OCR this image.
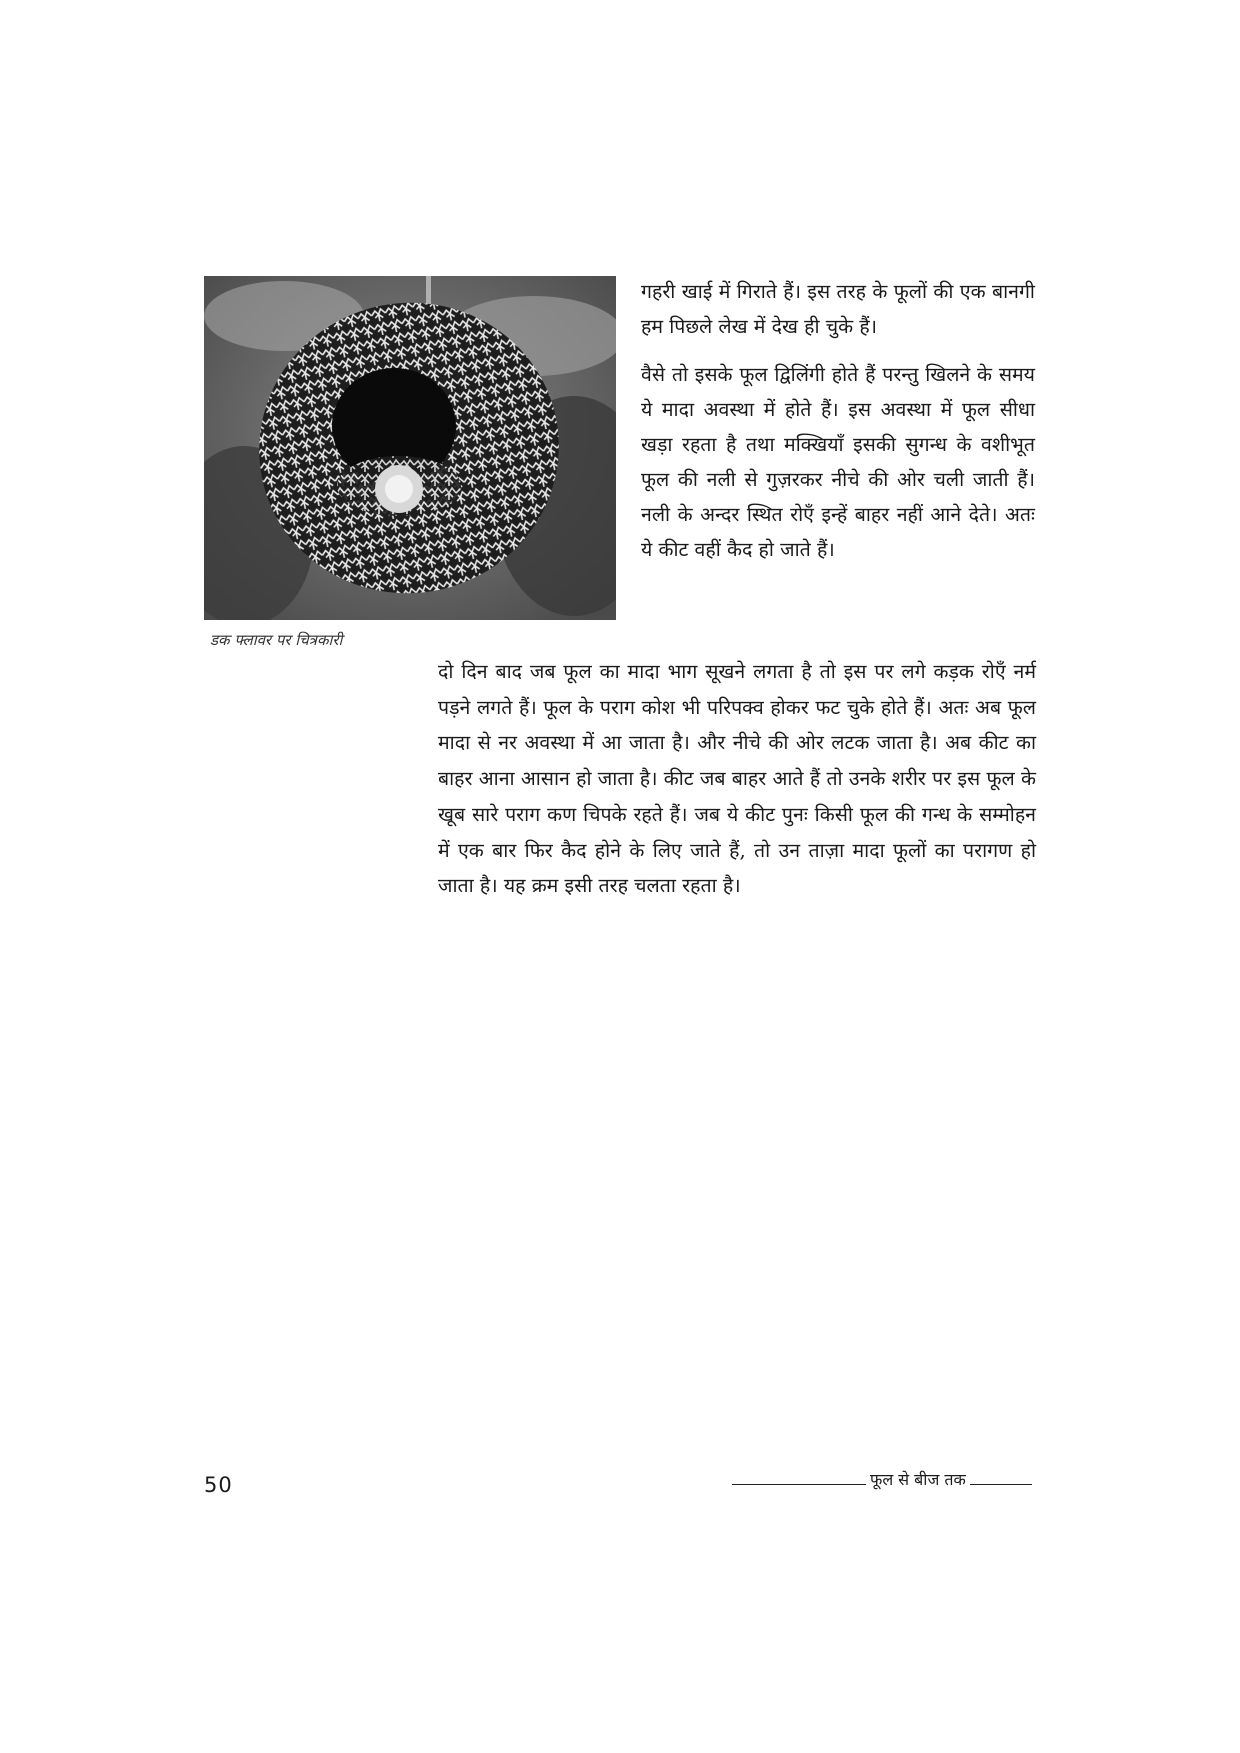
डक फ्लावर पर चित्रकारी

गहरी खाई में गिराते हैं। इस तरह के फूलों की एक बानगी हम पिछले लेख में देख ही चुके हैं।

वैसे तो इसके फूल द्विलिंगी होते हैं परन्तु खिलने के समय ये मादा अवस्था में होते हैं। इस अवस्था में फूल सीधा खड़ा रहता है तथा मक्खियाँ इसकी सुगन्ध के वशीभूत फूल की नली से गुज़रकर नीचे की ओर चली जाती हैं। नली के अन्दर स्थित रोएँ इन्हें बाहर नहीं आने देते। अतः ये कीट वहीं कैद हो जाते हैं।

दो दिन बाद जब फूल का मादा भाग सूखने लगता है तो इस पर लगे कड़क रोएँ नर्म पड़ने लगते हैं। फूल के पराग कोश भी परिपक्व होकर फट चुके होते हैं। अतः अब फूल मादा से नर अवस्था में आ जाता है। और नीचे की ओर लटक जाता है। अब कीट का बाहर आना आसान हो जाता है। कीट जब बाहर आते हैं तो उनके शरीर पर इस फूल के खूब सारे पराग कण चिपके रहते हैं। जब ये कीट पुनः किसी फूल की गन्ध के सम्मोहन में एक बार फिर कैद होने के लिए जाते हैं, तो उन ताज़ा मादा फूलों का परागण हो जाता है। यह क्रम इसी तरह चलता रहता है।

50	फूल से बीज तक
